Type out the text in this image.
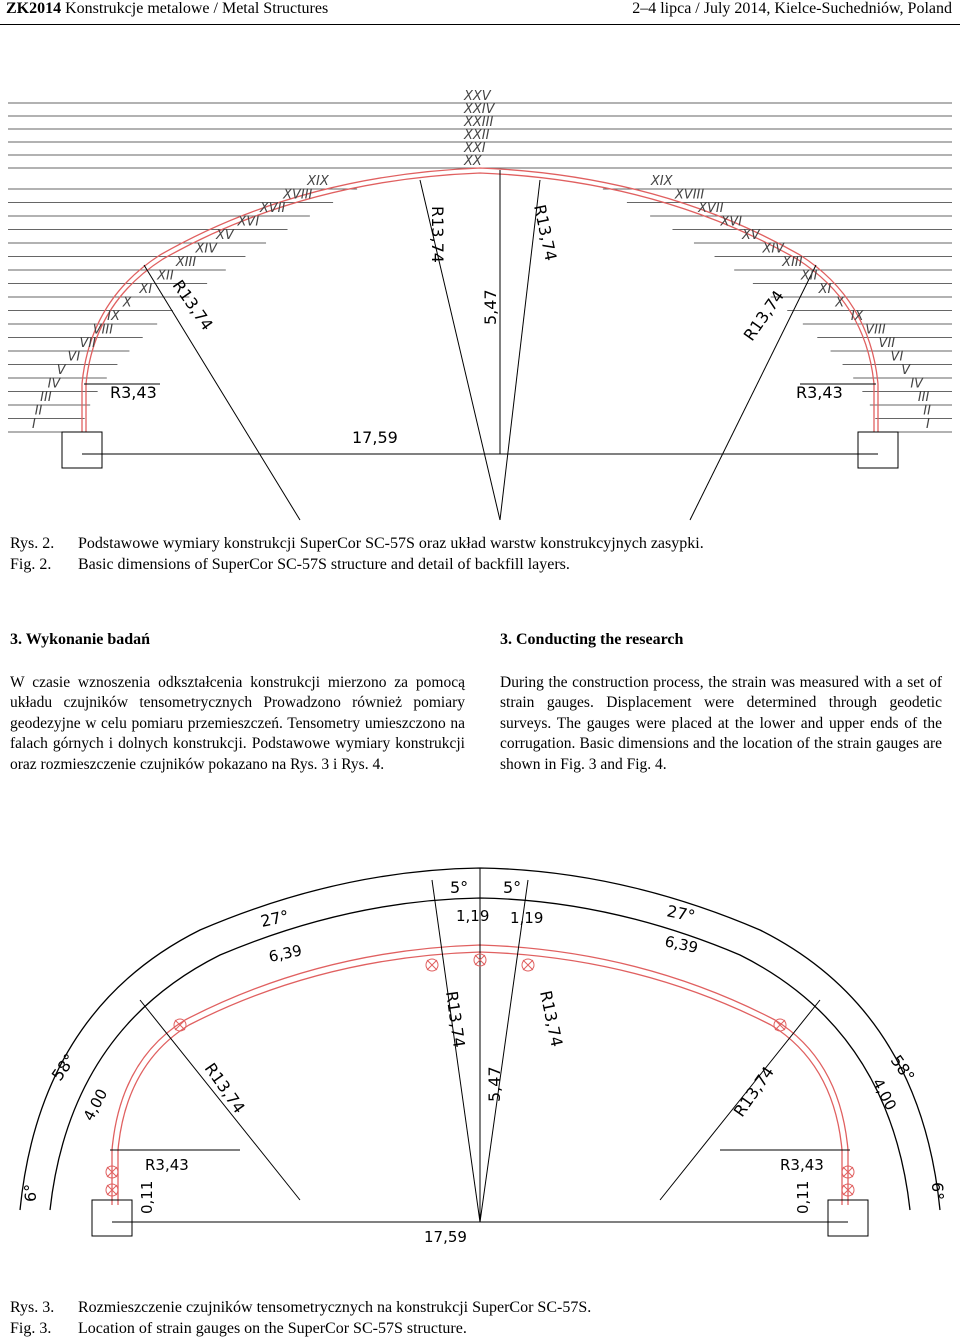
ZK2014 Konstrukcje metalowe / Metal Structures	2–4 lipca / July 2014, Kielce-Suchedniów, Poland
I
II
III
IV
V
VI
VII
VIII
IX
X
XI
XII
XIII
XIV
XV
XVI
XVII
XVIII
XIX
I
II
III
IV
V
VI
VII
VIII
IX
X
XI
XII
XIII
XIV
XV
XVI
XVII
XVIII
XIX
XX
XXI
XXII
XXIII
XXIV
XXV
R13,74	R13,74
R13,74	R13,74
5,47
R3,43	R3,43
17,59
Rys. 2. Podstawowe wymiary konstrukcji SuperCor SC-57S oraz układ warstw konstrukcyjnych zasypki.
Fig. 2. Basic dimensions of SuperCor SC-57S structure and detail of backfill layers.
3. Wykonanie badań

W czasie wznoszenia odkształcenia konstrukcji mierzono za pomocą układu czujników tensometrycznych Prowadzono również pomiary geodezyjne w celu pomiaru przemieszczeń. Tensometry umieszczono na falach górnych i dolnych konstrukcji. Podstawowe wymiary konstrukcji oraz rozmieszczenie czujników pokazano na Rys. 3 i Rys. 4.

3. Conducting the research

During the construction process, the strain was measured with a set of strain gauges. Displacement were determined through geodetic surveys. The gauges were placed at the lower and upper ends of the corrugation. Basic dimensions and the location of the strain gauges are shown in Fig. 3 and Fig. 4.

5° 5°
1,19 1,19
27°	27°
6,39	6,39
58°	58°
4,00	4,00
6°	6°
0,11	0,11
R13,74	R13,74
R13,74	R13,74
5,47
R3,43	R3,43
17,59
Rys. 3. Rozmieszczenie czujników tensometrycznych na konstrukcji SuperCor SC-57S.
Fig. 3. Location of strain gauges on the SuperCor SC-57S structure.
